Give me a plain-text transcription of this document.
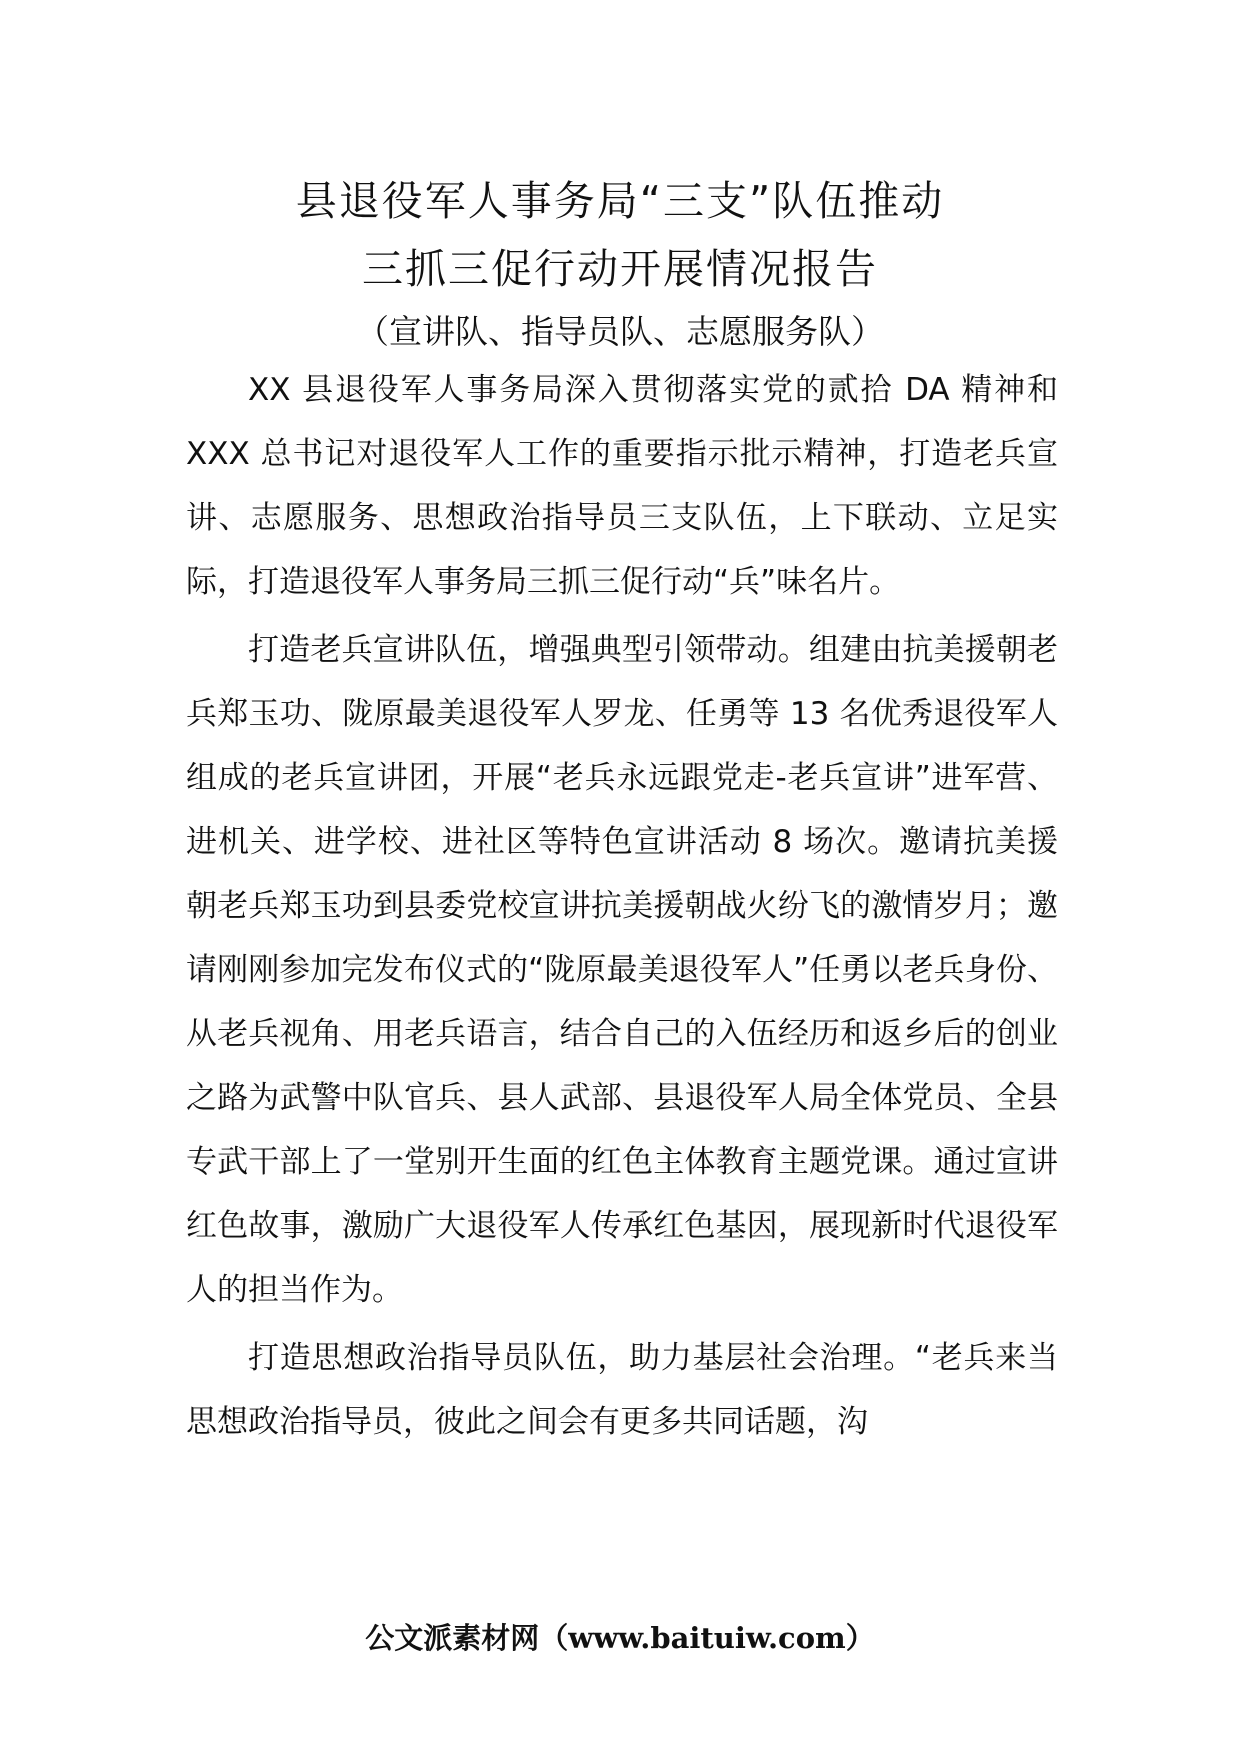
县退役军人事务局“三支”队伍推动
三抓三促行动开展情况报告
（宣讲队、指导员队、志愿服务队）

XX 县退役军人事务局深入贯彻落实党的贰拾 DA 精神和 XXX 总书记对退役军人工作的重要指示批示精神，打造老兵宣讲、志愿服务、思想政治指导员三支队伍，上下联动、立足实际，打造退役军人事务局三抓三促行动“兵”味名片。

打造老兵宣讲队伍，增强典型引领带动。组建由抗美援朝老兵郑玉功、陇原最美退役军人罗龙、任勇等 13 名优秀退役军人组成的老兵宣讲团，开展“老兵永远跟党走-老兵宣讲”进军营、进机关、进学校、进社区等特色宣讲活动 8 场次。邀请抗美援朝老兵郑玉功到县委党校宣讲抗美援朝战火纷飞的激情岁月；邀请刚刚参加完发布仪式的“陇原最美退役军人”任勇以老兵身份、从老兵视角、用老兵语言，结合自己的入伍经历和返乡后的创业之路为武警中队官兵、县人武部、县退役军人局全体党员、全县专武干部上了一堂别开生面的红色主体教育主题党课。通过宣讲红色故事，激励广大退役军人传承红色基因，展现新时代退役军人的担当作为。

打造思想政治指导员队伍，助力基层社会治理。“老兵来当思想政治指导员，彼此之间会有更多共同话题，沟

公文派素材网（www.baituiw.com）
